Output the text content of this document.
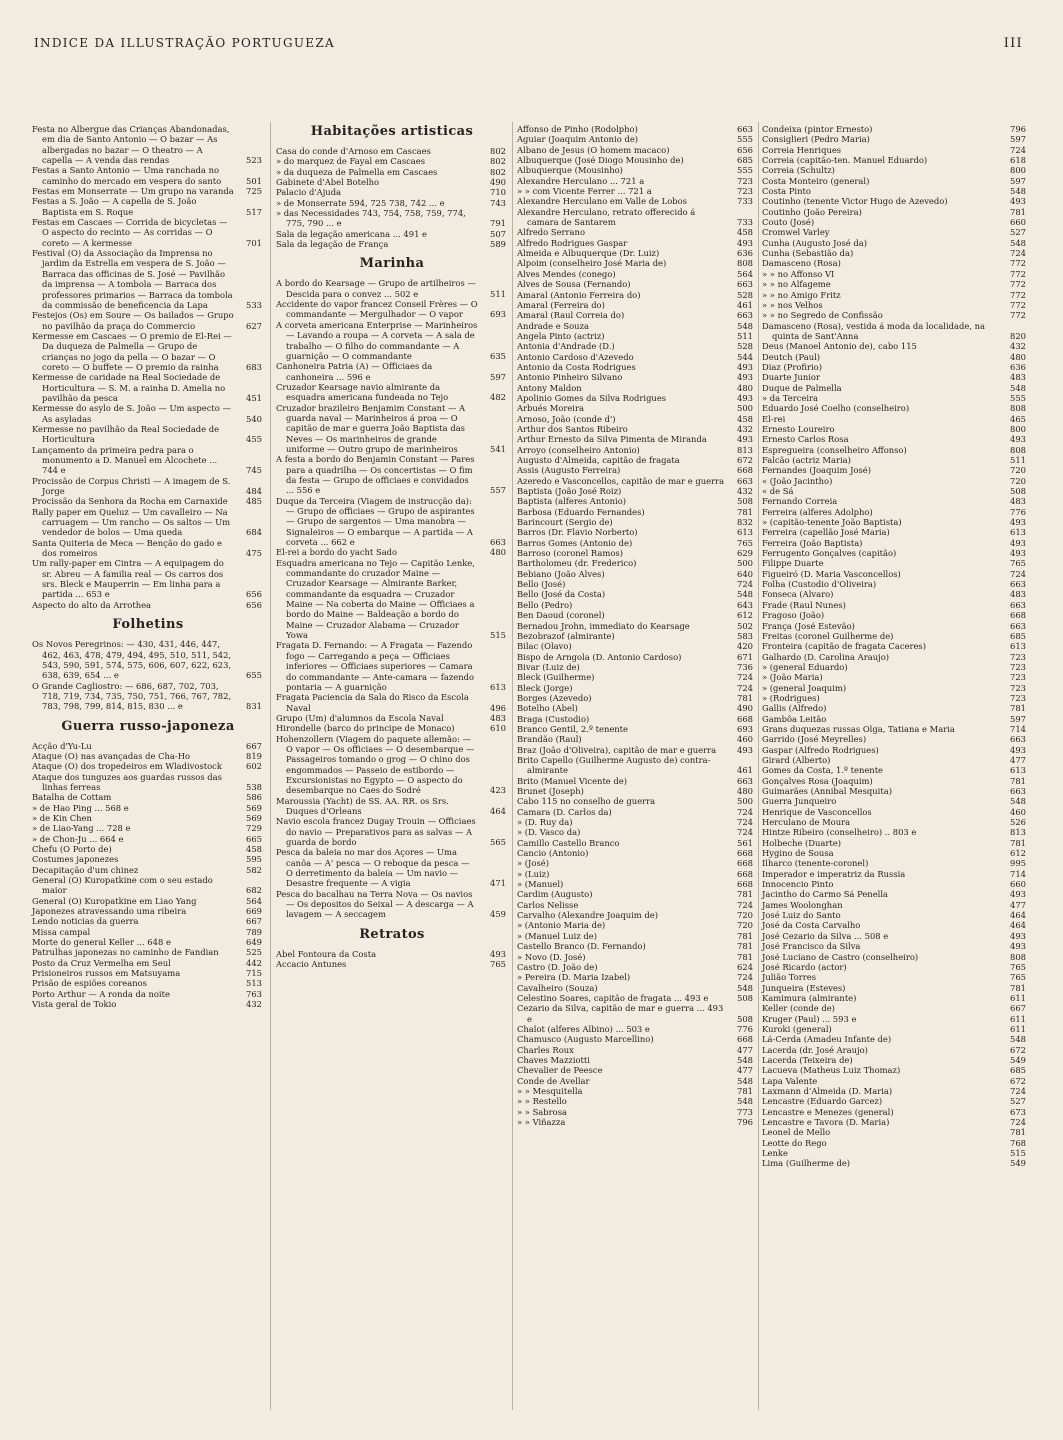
INDICE DA ILLUSTRAÇÃO PORTUGUEZA	III
Festa no Albergue das Crianças Abandonadas, em dia de Santo Antonio — O bazar — As albergadas no bazar — O theatro — A capella — A venda das rendas	523
Festas a Santo Antonio — Uma ranchada no caminho do mercado em vespera do santo	501
Festas em Monserrate — Um grupo na varanda 725
Festas a S. João — A capella de S. João Baptista em S. Roque	517
Festas em Cascaes — Corrida de bicycletas — O aspecto do recinto — As corridas — O coreto — A kermesse	701
Festival (O) da Associação da Imprensa no jardim da Estrella em vespera de S. João — Barraca das officinas de S. José — Pavilhão da imprensa — A tombola — Barraca dos professores primarios — Barraca da tombola da commissão de beneficencia da Lapa	533
Festejos (Os) em Soure — Os bailados — Grupo no pavilhão da praça do Commercio	627
Kermesse em Cascaes — O premio de El-Rei — Da duqueza de Palmella — Grupo de crianças no jogo da pella — O bazar — O coreto — O buffete — O premio da rainha	683
Kermesse de caridade na Real Sociedade de Horticultura — S. M. a rainha D. Amelia no pavilhão da pesca	451
Kermesse do asylo de S. João — Um aspecto — As asyladas	540
Kermesse no pavilhão da Real Sociedade de Horticultura	455
Lançamento da primeira pedra para o monumento a D. Manuel em Alcochete ... 744 e	745
Procissão de Corpus Christi — A imagem de S. Jorge	484
Procissão da Senhora da Rocha em Carnaxide 485
Rally paper em Queluz — Um cavalleiro — Na carruagem — Um rancho — Os saltos — Um vendedor de bolos — Uma queda	684
Santa Quiteria de Meca — Benção do gado e dos romeiros	475
Um rally-paper em Cintra — A equipagem do sr. Abreu — A familia real — Os carros dos srs. Bleck e Mauperrin — Em linha para a partida ... 653 e	656
Aspecto do alto da Arrothea	656
Folhetins
Os Novos Peregrinos: — 430, 431, 446, 447, 462, 463, 478, 479, 494, 495, 510, 511, 542, 543, 590, 591, 574, 575, 606, 607, 622, 623, 638, 639, 654 ... e	655
O Grande Cagliostro: — 686, 687, 702, 703, 718, 719, 734, 735, 750, 751, 766, 767, 782, 783, 798, 799, 814, 815, 830 ... e	831
Guerra russo-japoneza
Acção d'Yu-Lu	667
Ataque (O) nas avançadas de Cha-Ho	819
Ataque (O) dos tropedeiros em Wladivostock	602
Ataque dos tunguzes aos guardas russos das linhas ferreas	538
Batalha de Cottam	586
» de Hao Ping ... 568 e	569
» de Kin Chen	569
» de Liao-Yang ... 728 e	729
» de Chon-Ju ... 664 e	665
Chefu (O Porto de)	458
Costumes japonezes	595
Decapitação d'um chinez	582
General (O) Kuropatkine com o seu estado maior	682
General (O) Kuropatkine em Liao Yang	564
Japonezes atravessando uma ribeira	669
Lendo noticias da guerra	667
Missa campal	789
Morte do general Keller ... 648 e	649
Patrulhas japonezas no caminho de Fandian	525
Posto da Cruz Vermelha em Seul	442
Prisioneiros russos em Matsuyama	715
Prisão de espiões coreanos	513
Porto Arthur — A ronda da noite	763
Vista geral de Tokio	432
Habitações artisticas
Casa do conde d'Arnoso em Cascaes	802
» do marquez de Fayal em Cascaes	802
» da duqueza de Palmella em Cascaes	802
Gabinete d'Abel Botelho	490
Palacio d'Ajuda	710
» de Monserrate 594, 725 738, 742 ... e	743
» das Necessidades 743, 754, 758, 759, 774, 775, 790 ... e	791
Sala da legação americana ... 491 e	507
Sala da legação de França	589
Marinha
A bordo do Kearsage — Grupo de artilheiros — Descida para o convez ... 502 e	511
Accidente do vapor francez Conseil Frères — O commandante — Mergulhador — O vapor	693
A corveta americana Enterprise — Marinheiros — Lavando a roupa — A corveta — A sala de trabalho — O filho do commandante — A guarnição — O commandante	635
Canhoneira Patria (A) — Officiaes da canhoneira ... 596 e	597
Cruzador Kearsage navio almirante da esquadra americana fundeada no Tejo	482
Cruzador brazileiro Benjamim Constant — A guarda naval — Marinheiros á proa — O capitão de mar e guerra João Baptista das Neves — Os marinheiros de grande uniforme — Outro grupo de marinheiros	541
A festa a bordo do Benjamin Constant — Pares para a quadrilha — Os concertistas — O fim da festa — Grupo de officiaes e convidados ... 556 e	557
Duque da Terceira (Viagem de instrucção da): — Grupo de officiaes — Grupo de aspirantes — Grupo de sargentos — Uma manobra — Signaleiros — O embarque — A partida — A corveta ... 662 e	663
El-rei a bordo do yacht Sado	480
Esquadra americana no Tejo — Capitão Lenke, commandante do cruzador Maine — Cruzador Kearsage — Almirante Barker, commandante da esquadra — Cruzador Maine — Na coberta do Maine — Officiaes a bordo do Maine — Baldeação a bordo do Maine — Cruzador Alabama — Cruzador Yowa	515
Fragata D. Fernando: — A Fragata — Fazendo fogo — Carregando a peça — Officiaes inferiores — Officiaes superiores — Camara do commandante — Ante-camara — fazendo pontaria — A guarnição	613
Fragata Paciencia da Sala do Risco da Escola Naval	496
Grupo (Um) d'alumnos da Escola Naval	483
Hirondelle (barco do principe de Monaco)	610
Hohenzollern (Viagem do paquete allemão: — O vapor — Os officiaes — O desembarque — Passageiros tomando o grog — O chino dos engommados — Passeio de estibordo — Excursionistas no Egypto — O aspecto do desembarque no Caes do Sodré	423
Maroussia (Yacht) de SS. AA. RR. os Srs. Duques d'Orleans	464
Navio escola francez Dugay Trouin — Officiaes do navio — Preparativos para as salvas — A guarda de bordo	565
Pesca da baleia no mar dos Açores — Uma canôa — A' pesca — O reboque da pesca — O derretimento da baleia — Um navio — Desastre frequente — A vigia	471
Pesca do bacalhau na Terra Nova — Os navios — Os depositos do Seixal — A descarga — A lavagem — A seccagem	459
Retratos
Abel Fontoura da Costa	493
Accacio Antunes	765
Affonso de Pinho (Rodolpho)	663
Aguiar (Joaquim Antonio de)	555
Albano de Jesus (O homem macaco)	656
Albuquerque (José Diogo Mousinho de)	685
Albuquerque (Mousinho)	555
Alexandre Herculano ... 721 a	723
» » com Vicente Ferrer ... 721 a	723
Alexandre Herculano em Valle de Lobos	733
Alexandre Herculano, retrato offerecido á camara de Santarem	733
Alfredo Serrano	458
Alfredo Rodrigues Gaspar	493
Almeida e Albuquerque (Dr. Luiz)	636
Alpoim (conselheiro José Maria de)	808
Alves Mendes (conego)	564
Alves de Sousa (Fernando)	663
Amaral (Antonio Ferreira do)	528
Amaral (Ferreira do)	461
Amaral (Raul Correia do)	663
Andrade e Souza	548
Angela Pinto (actriz)	511
Antonia d'Andrade (D.)	528
Antonio Cardoso d'Azevedo	544
Antonio da Costa Rodrigues	493
Antonio Pinheiro Silvano	493
Antony Maldon	480
Apolinio Gomes da Silva Rodrigues	493
Arbués Moreira	500
Arnoso, João (conde d')	458
Arthur dos Santos Ribeiro	432
Arthur Ernesto da Silva Pimenta de Miranda	493
Arroyo (conselheiro Antonio)	813
Augusto d'Almeida, capitão de fragata	672
Assis (Augusto Ferreira)	668
Azeredo e Vasconcellos, capitão de mar e guerra 663
Baptista (João José Roiz)	432
Baptista (alferes Antonio)	508
Barbosa (Eduardo Fernandes)	781
Barincourt (Sergio de)	832
Barros (Dr. Flavio Norberto)	613
Barros Gomes (Antonio de)	765
Barroso (coronel Ramos)	629
Bartholomeu (dr. Frederico)	500
Bebiano (João Alves)	640
Bello (José)	724
Bello (José da Costa)	548
Bello (Pedro)	643
Ben Daoud (coronel)	612
Bernadou Jrohn, immediato do Kearsage	502
Bezobrazof (almirante)	583
Bilac (Olavo)	420
Bispo de Arngola (D. Antonio Cardoso)	671
Bivar (Luiz de)	736
Bleck (Guilherme)	724
Bleck (Jorge)	724
Borges (Azevedo)	781
Botelho (Abel)	490
Braga (Custodio)	668
Branco Gentil, 2.º tenente	693
Brandão (Raul)	460
Braz (João d'Oliveira), capitão de mar e guerra 493
Brito Capello (Guilherme Augusto de) contra-almirante	461
Brito (Manuel Vicente de)	663
Brunet (Joseph)	480
Cabo 115 no conselho de guerra	500
Camara (D. Carlos da)	724
» (D. Ruy da)	724
» (D. Vasco da)	724
Camillo Castello Branco	561
Cancio (Antonio)	668
» (José)	668
» (Luiz)	668
» (Manuel)	668
Cardim (Augusto)	781
Carlos Nelisse	724
Carvalho (Alexandre Joaquim de)	720
» (Antonio Maria de)	720
» (Manuel Luiz de)	781
Castello Branco (D. Fernando)	781
» Novo (D. José)	781
Castro (D. João de)	624
» Pereira (D. Maria Izabel)	724
Cavalheiro (Souza)	548
Celestino Soares, capitão de fragata ... 493 e	508
Cezario da Silva, capitão de mar e guerra ... 493 e	508
Chalot (alferes Albino) ... 503 e	776
Chamusco (Augusto Marcellino)	668
Charles Roux	477
Chaves Mazziotti	548
Chevalier de Peesce	477
Conde de Avellar	548
» » Mesquitella	781
» » Restello	548
» » Sabrosa	773
» » Viñazza	796
Condeixa (pintor Ernesto)	796
Consiglieri (Pedro Maria)	597
Correia Henriques	724
Correia (capitão-ten. Manuel Eduardo)	618
Correia (Schultz)	800
Costa Monteiro (general)	597
Costa Pinto	548
Coutinho (tenente Victor Hugo de Azevedo)	493
Coutinho (João Pereira)	781
Couto (José)	660
Cromwel Varley	527
Cunha (Augusto José da)	548
Cunha (Sebastião da)	724
Damasceno (Rosa)	772
» » no Affonso VI	772
» » no Alfageme	772
» » no Amigo Fritz	772
» » nos Velhos	772
» » no Segredo de Confissão	772
Damasceno (Rosa), vestida á moda da localidade, na quinta de Sant'Anna	820
Deus (Manoel Antonio de), cabo 115	432
Deutch (Paul)	480
Diaz (Profirio)	636
Duarte Junior	483
Duque de Palmella	548
» da Terceira	555
Eduardo José Coelho (conselheiro)	808
El-rei	465
Ernesto Loureiro	800
Ernesto Carlos Rosa	493
Espregueira (conselheiro Affonso)	808
Falcão (actriz Maria)	511
Fernandes (Joaquim José)	720
« (João Jacintho)	720
« de Sá	508
Fernando Correia	483
Ferreira (alferes Adolpho)	776
» (capitão-tenente João Baptista)	493
Ferreira (capellão José Maria)	613
Ferreira (João Baptista)	493
Ferrugento Gonçalves (capitão)	493
Filippe Duarte	765
Figueiró (D. Maria Vasconcellos)	724
Folha (Custodio d'Oliveira)	663
Fonseca (Alvaro)	483
Frade (Raul Nunes)	663
Fragoso (João)	668
França (José Estevão)	663
Freitas (coronel Guilherme de)	685
Fronteira (capitão de fragata Caceres)	613
Galhardo (D. Carolina Araujo)	723
» (general Eduardo)	723
» (João Maria)	723
» (general Joaquim)	723
» (Rodrigues)	723
Gallis (Alfredo)	781
Gambôa Leitão	597
Grans duquezas russas Olga, Tatiana e Maria	714
Garrido (José Meyrelles)	663
Gaspar (Alfredo Rodrigues)	493
Girard (Alberto)	477
Gomes da Costa, 1.º tenente	613
Gonçalves Rosa (Joaquim)	781
Guimarães (Annibal Mesquita)	663
Guerra Junqueiro	548
Henrique de Vasconcellos	460
Herculano de Moura	526
Hintze Ribeiro (conselheiro) .. 803 e	813
Holbeche (Duarte)	781
Hygino de Sousa	612
Ilharco (tenente-coronel)	995
Imperador e imperatriz da Russia	714
Innocencio Pinto	660
Jacintho do Carmo Sá Penella	493
James Woolonghan	477
José Luiz do Santo	464
José da Costa Carvalho	464
José Cezario da Silva ... 508 e	493
José Francisco da Silva	493
José Luciano de Castro (conselheiro)	808
José Ricardo (actor)	765
Julião Torres	765
Junqueira (Esteves)	781
Kamimura (almirante)	611
Keller (conde de)	667
Kruger (Paul) ... 593 e	611
Kuroki (general)	611
Lá-Cerda (Amadeu Infante de)	548
Lacerda (dr. José Araujo)	672
Lacerda (Teixeira de)	549
Lacueva (Matheus Luiz Thomaz)	685
Lapa Valente	672
Laxmann d'Almeida (D. Maria)	724
Lencastre (Eduardo Garcez)	527
Lencastre e Menezes (general)	673
Lencastre e Tavora (D. Maria)	724
Leonel de Mello	781
Leotte do Rego	768
Lenke	515
Lima (Guilherme de)	549
